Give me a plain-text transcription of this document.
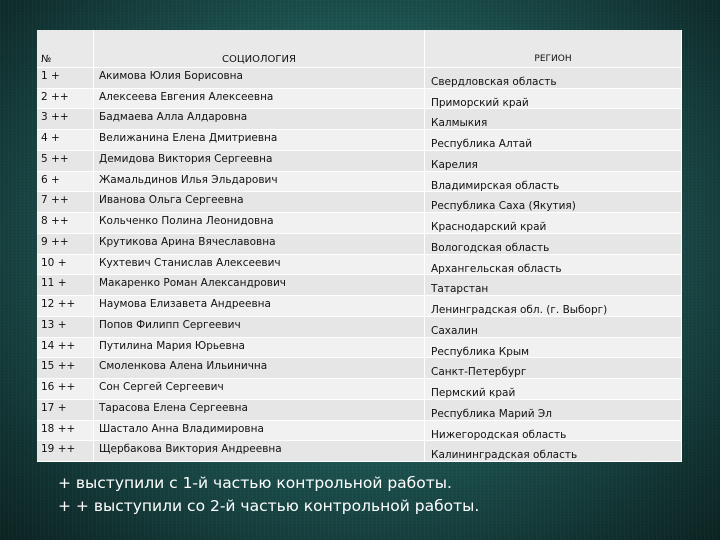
№	СОЦИОЛОГИЯ	РЕГИОН
1 +	Акимова Юлия Борисовна	Свердловская область
2 ++	Алексеева Евгения Алексеевна	Приморский край
3 ++	Бадмаева Алла Алдаровна	Калмыкия
4 +	Велижанина Елена Дмитриевна	Республика Алтай
5 ++	Демидова Виктория Сергеевна	Карелия
6 +	Жамальдинов Илья Эльдарович	Владимирская область
7 ++	Иванова Ольга Сергеевна	Республика Саха (Якутия)
8 ++	Кольченко Полина Леонидовна	Краснодарский край
9 ++	Крутикова Арина Вячеславовна	Вологодская область
10 +	Кухтевич Станислав Алексеевич	Архангельская область
11 +	Макаренко Роман Александрович	Татарстан
12 ++ Наумова Елизавета Андреевна	Ленинградская обл. (г. Выборг)
13 +	Попов Филипп Сергеевич	Сахалин
14 ++ Путилина Мария Юрьевна	Республика Крым
15 ++ Смоленкова Алена Ильинична	Санкт-Петербург
16 ++ Сон Сергей Сергеевич	Пермский край
17 +	Тарасова Елена Сергеевна	Республика Марий Эл
18 ++ Шастало Анна Владимировна	Нижегородская область
19 ++ Щербакова Виктория Андреевна	Калининградская область
+ выступили с 1-й частью контрольной работы.
+ + выступили со 2-й частью контрольной работы.
